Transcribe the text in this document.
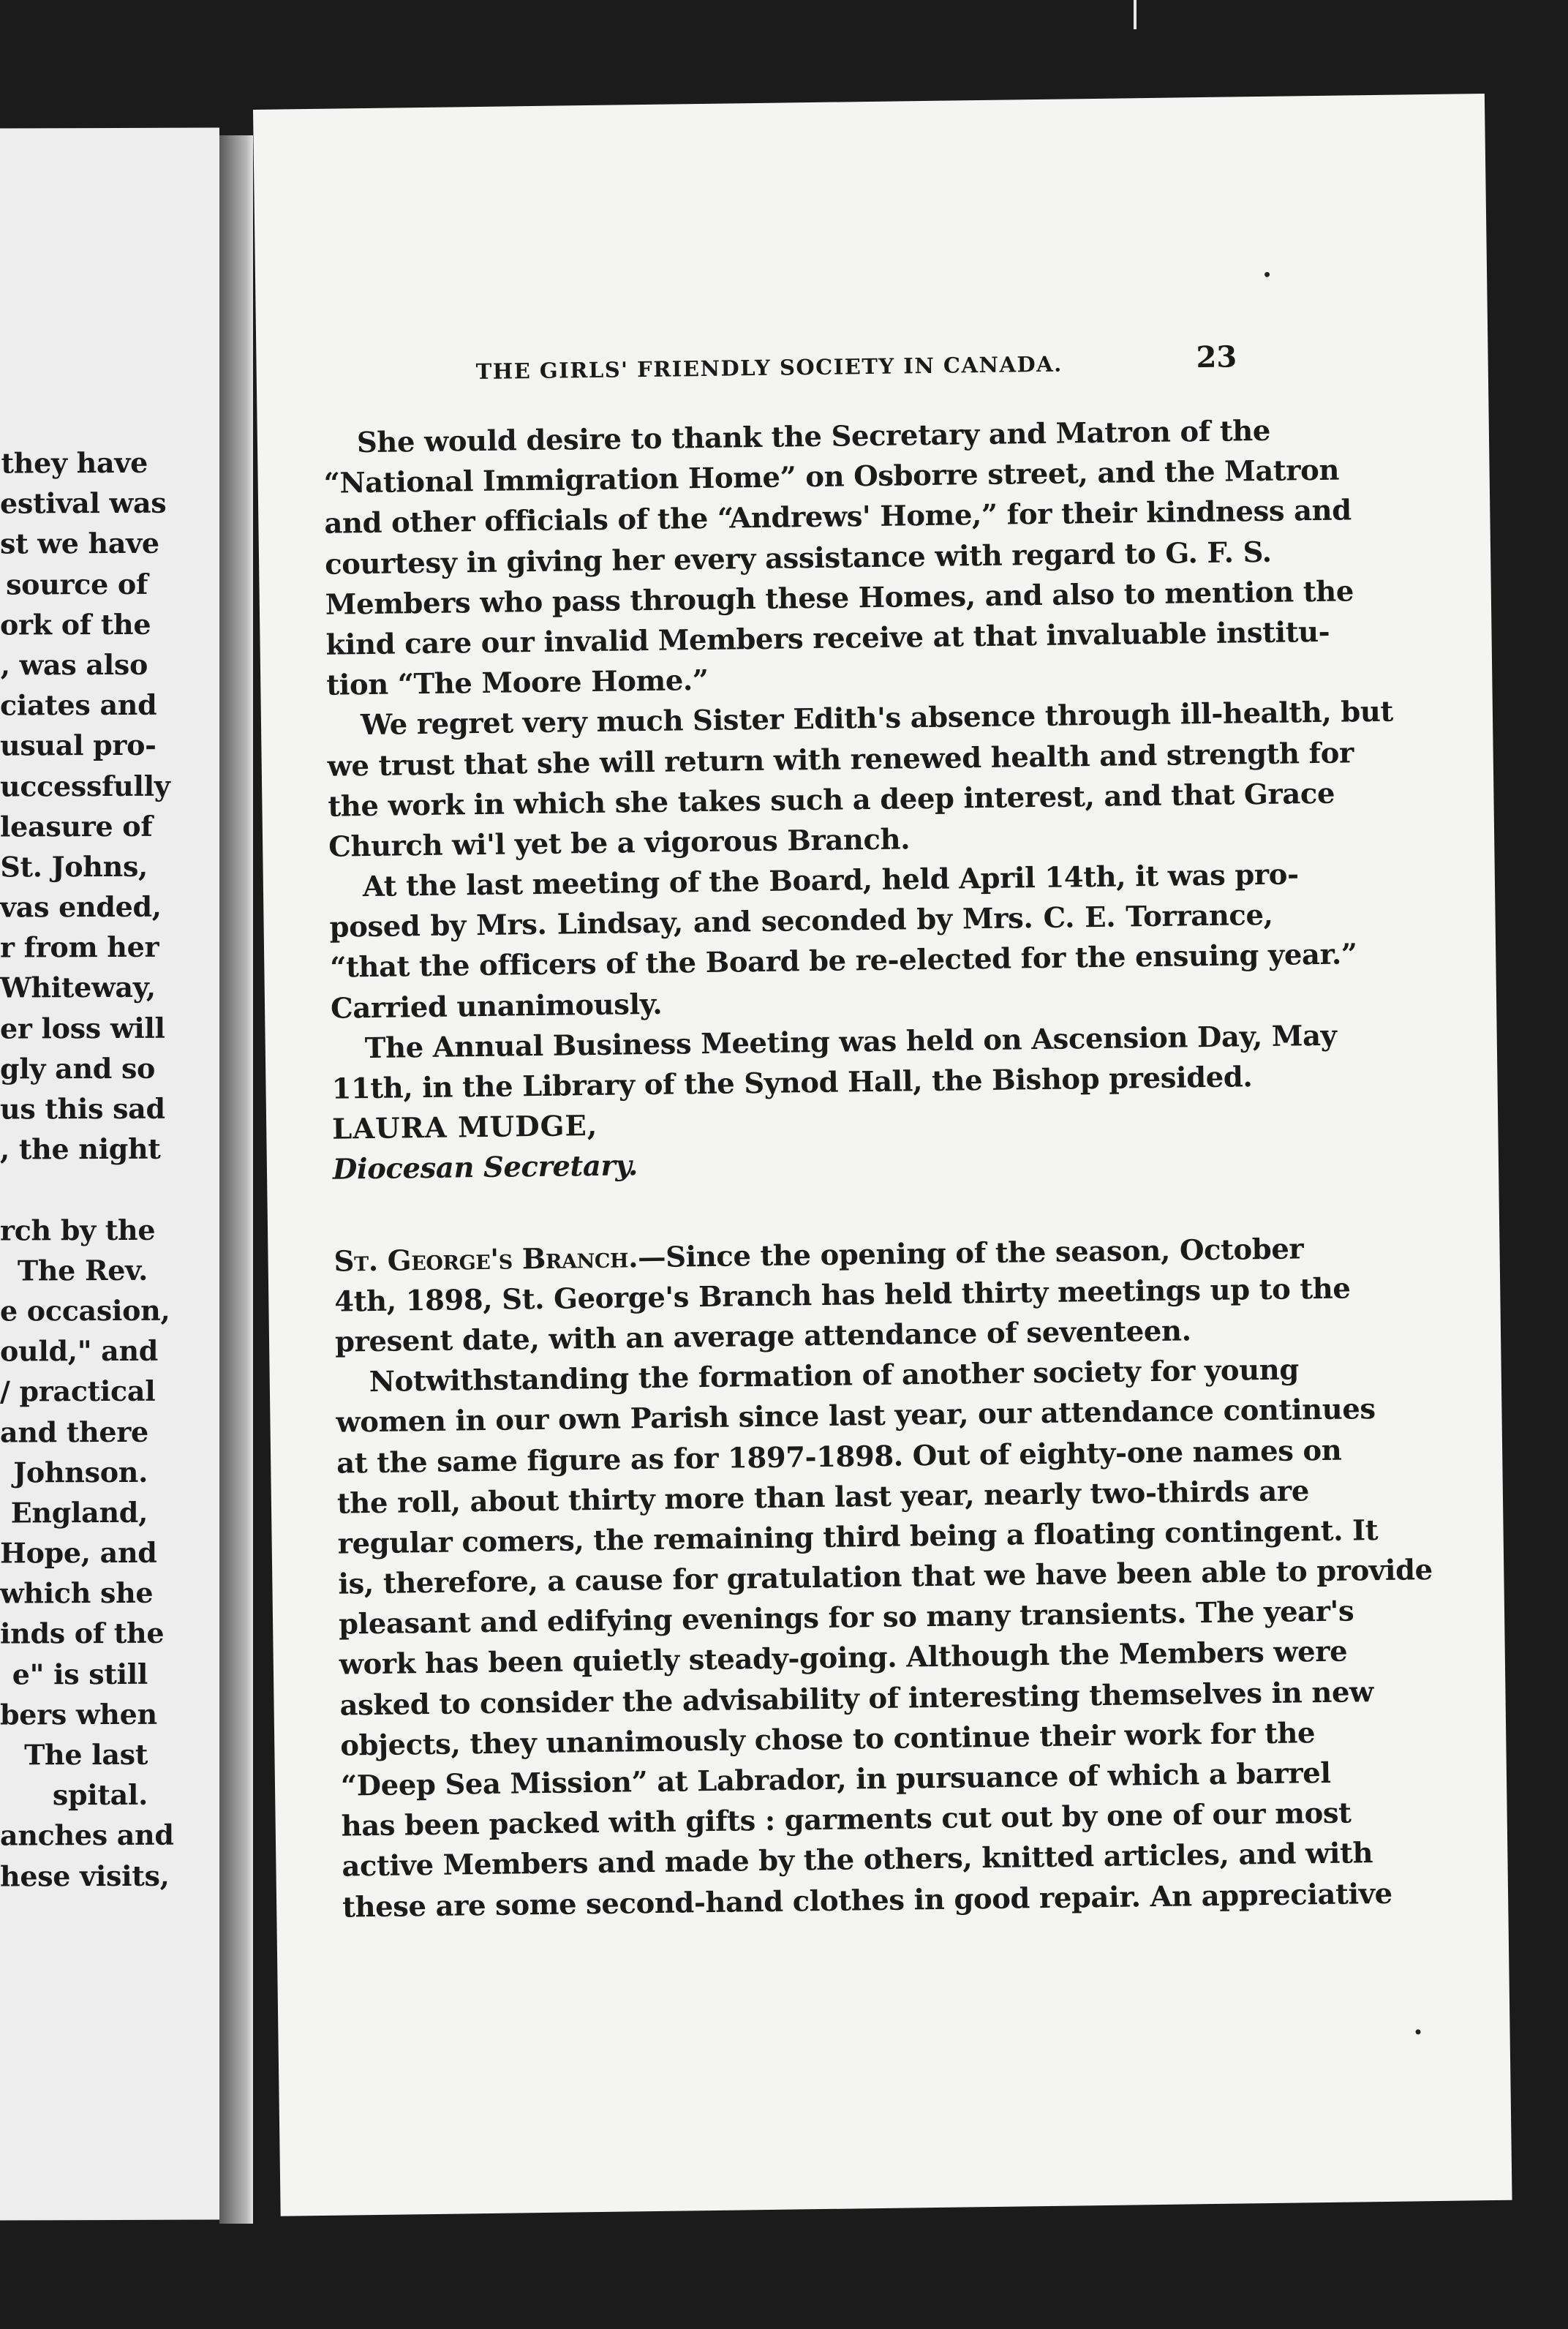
they have
estival was
st we have
source of
ork of the
, was also
ciates and
usual pro-
uccessfully
leasure of
St. Johns,
vas ended,
r from her
Whiteway,
er loss will
gly and so
us this sad
, the night
rch by the
The Rev.
e occasion,
ould," and
/ practical
and there
Johnson.
England,
Hope, and
which she
inds of the
e" is still
bers when
The last
spital.
anches and
hese visits,
THE GIRLS' FRIENDLY SOCIETY IN CANADA.	23
She would desire to thank the Secretary and Matron of the
“National Immigration Home” on Osborre street, and the Matron
and other officials of the “Andrews' Home,” for their kindness and
courtesy in giving her every assistance with regard to G. F. S.
Members who pass through these Homes, and also to mention the
kind care our invalid Members receive at that invaluable institu-
tion “The Moore Home.”
We regret very much Sister Edith's absence through ill-health, but
we trust that she will return with renewed health and strength for
the work in which she takes such a deep interest, and that Grace
Church wi'l yet be a vigorous Branch.
At the last meeting of the Board, held April 14th, it was pro-
posed by Mrs. Lindsay, and seconded by Mrs. C. E. Torrance,
“that the officers of the Board be re-elected for the ensuing year.”
Carried unanimously.
The Annual Business Meeting was held on Ascension Day, May
11th, in the Library of the Synod Hall, the Bishop presided.
LAURA MUDGE,
Diocesan Secretary.
St. George's Branch.—Since the opening of the season, October
4th, 1898, St. George's Branch has held thirty meetings up to the
present date, with an average attendance of seventeen.
Notwithstanding the formation of another society for young
women in our own Parish since last year, our attendance continues
at the same figure as for 1897-1898. Out of eighty-one names on
the roll, about thirty more than last year, nearly two-thirds are
regular comers, the remaining third being a floating contingent. It
is, therefore, a cause for gratulation that we have been able to provide
pleasant and edifying evenings for so many transients. The year's
work has been quietly steady-going. Although the Members were
asked to consider the advisability of interesting themselves in new
objects, they unanimously chose to continue their work for the
“Deep Sea Mission” at Labrador, in pursuance of which a barrel
has been packed with gifts : garments cut out by one of our most
active Members and made by the others, knitted articles, and with
these are some second-hand clothes in good repair. An appreciative
